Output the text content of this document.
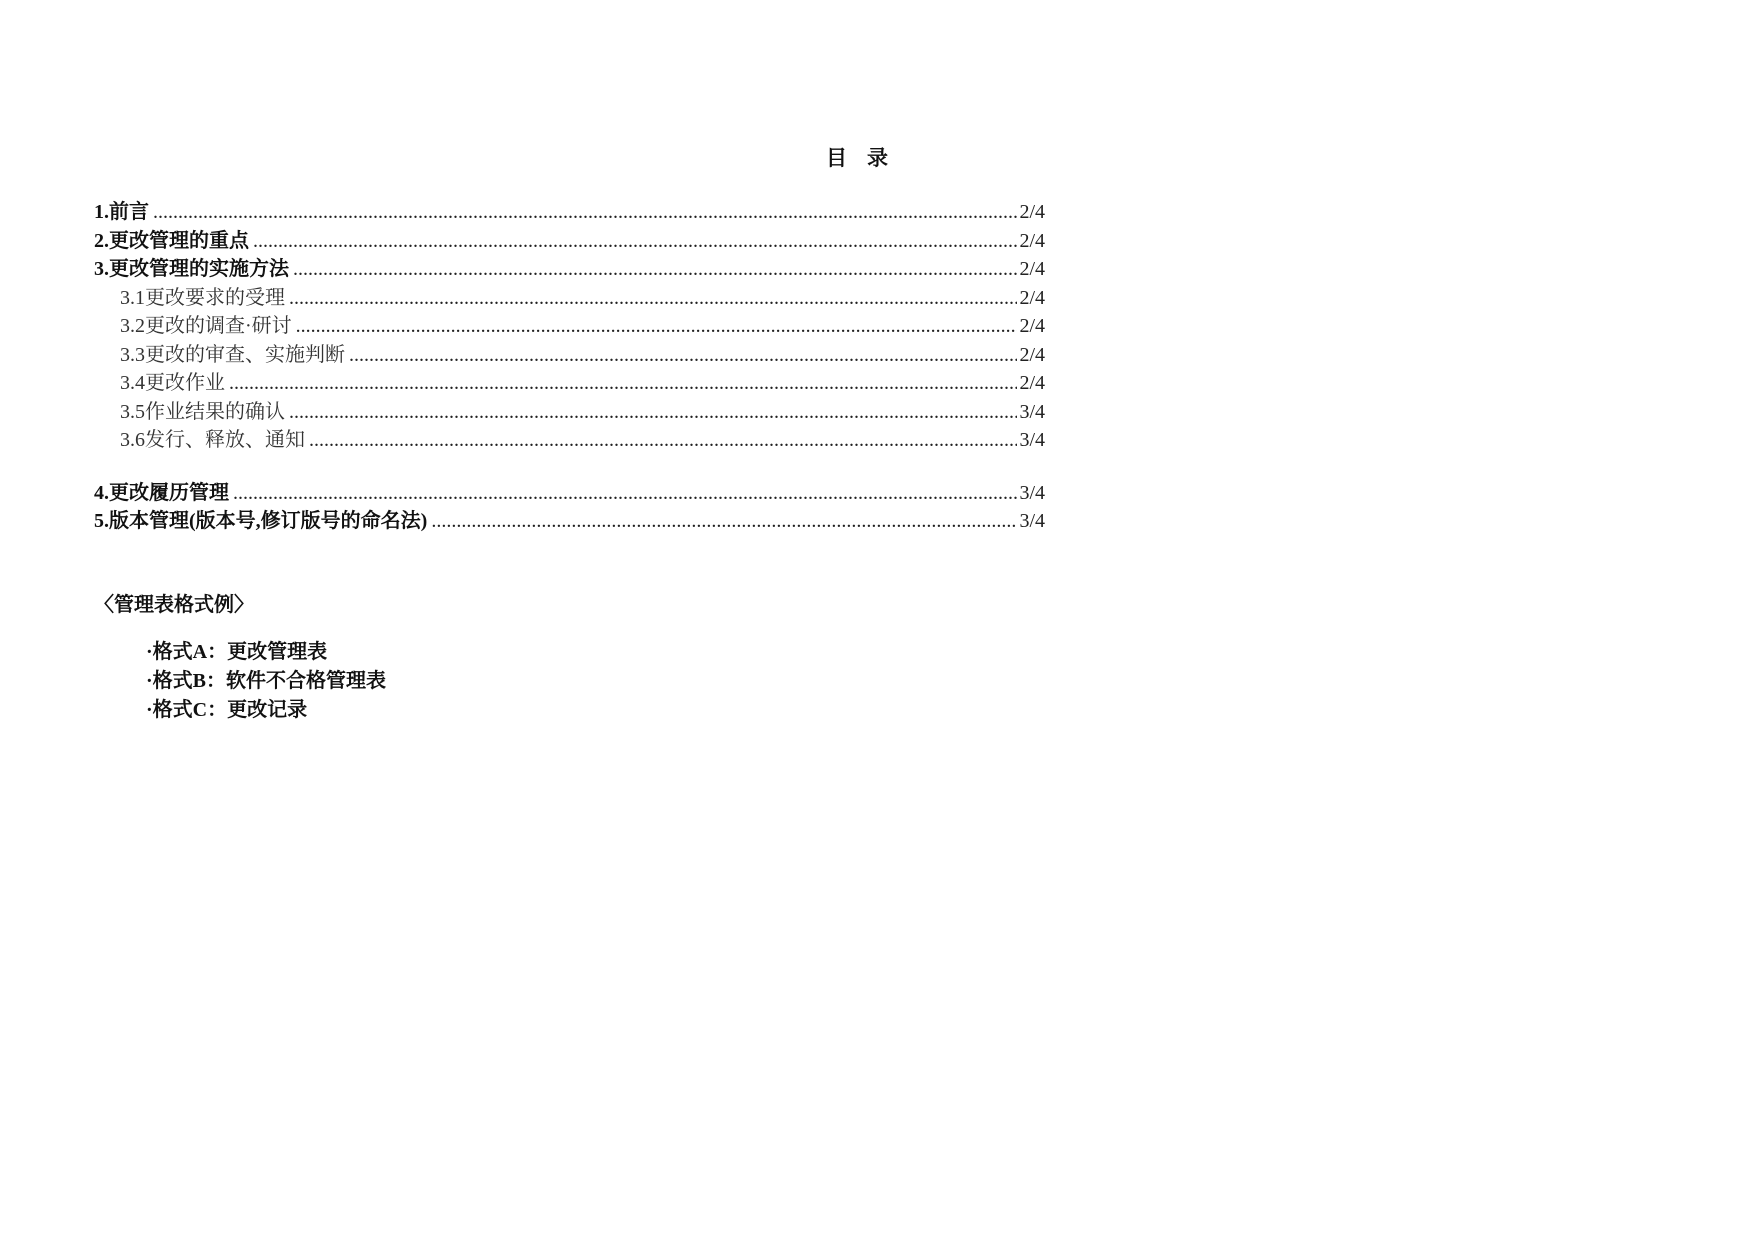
目 录
1.前言 .....	2/4
2.更改管理的重点 .....	2/4
3.更改管理的实施方法 .....	2/4
3.1更改要求的受理 .....	2/4
3.2更改的调查·研讨 .....	2/4
3.3更改的审查、实施判断 .....	2/4
3.4更改作业 .....	2/4
3.5作业结果的确认 .....	3/4
3.6发行、释放、通知 .....	3/4
4.更改履历管理 .....	3/4
5.版本管理(版本号,修订版号的命名法) .....	3/4
〈管理表格式例〉
·格式A：更改管理表
·格式B：软件不合格管理表
·格式C：更改记录
